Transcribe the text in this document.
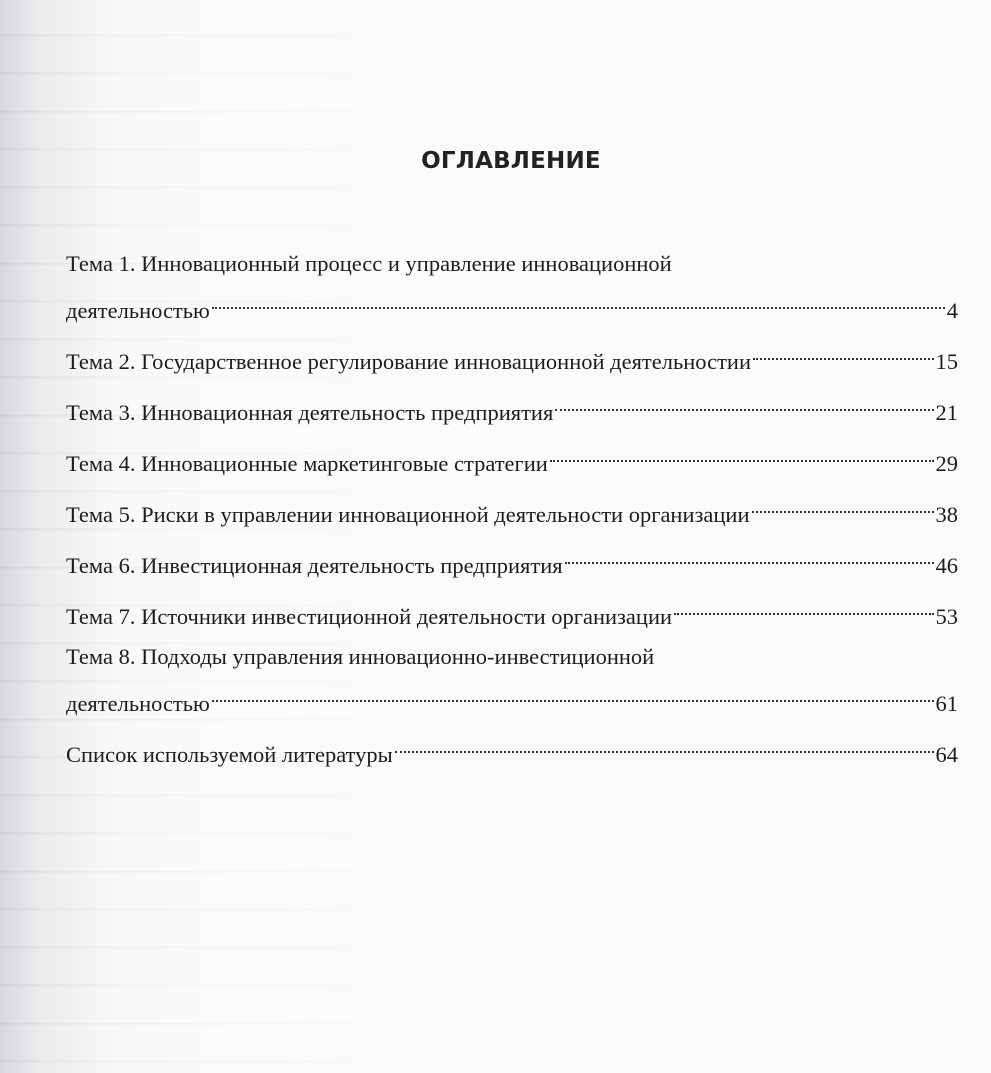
ОГЛАВЛЕНИЕ
Тема 1. Инновационный процесс и управление инновационной
деятельностью	4
Тема 2. Государственное регулирование инновационной деятельностии	15
Тема 3. Инновационная деятельность предприятия	21
Тема 4. Инновационные маркетинговые стратегии	29
Тема 5. Риски в управлении инновационной деятельности организации	38
Тема 6. Инвестиционная деятельность предприятия	46
Тема 7. Источники инвестиционной деятельности организации	53
Тема 8. Подходы управления инновационно-инвестиционной
деятельностью	61
Список используемой литературы	64
